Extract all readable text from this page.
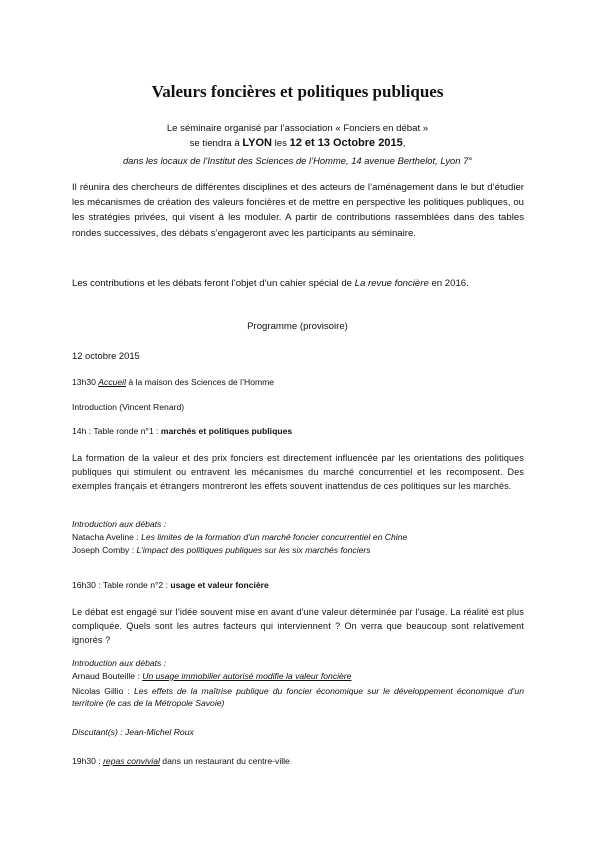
Valeurs foncières et politiques publiques

Le séminaire organisé par l’association « Fonciers en débat »

se tiendra à LYON les 12 et 13 Octobre 2015,

dans les locaux de l’Institut des Sciences de l’Homme, 14 avenue Berthelot, Lyon 7°

Il réunira des chercheurs de différentes disciplines et des acteurs de l’aménagement dans le but d’étudier les mécanismes de création des valeurs foncières et de mettre en perspective les politiques publiques, ou les stratégies privées, qui visent à les moduler. A partir de contributions rassemblées dans des tables rondes successives, des débats s’engageront avec les participants au séminaire.

Les contributions et les débats feront l’objet d’un cahier spécial de La revue foncière en 2016.

Programme (provisoire)

12 octobre 2015

13h30 Accueil à la maison des Sciences de l’Homme

Introduction (Vincent Renard)

14h : Table ronde n°1 : marchés et politiques publiques

La formation de la valeur et des prix fonciers est directement influencée par les orientations des politiques publiques qui stimulent ou entravent les mécanismes du marché concurrentiel et les recomposent. Des exemples français et étrangers montreront les effets souvent inattendus de ces politiques sur les marchés.

Introduction aux débats :

Natacha Aveline : Les limites de la formation d’un marché foncier concurrentiel en Chine

Joseph Comby : L’impact des politiques publiques sur les six marchés fonciers

16h30 : Table ronde n°2 : usage et valeur foncière

Le débat est engagé sur l’idée souvent mise en avant d’une valeur déterminée par l’usage. La réalité est plus compliquée. Quels sont les autres facteurs qui interviennent ? On verra que beaucoup sont relativement ignorés ?

Introduction aux débats :

Arnaud Bouteille : Un usage immobilier autorisé modifie la valeur foncière

Nicolas Gillio : Les effets de la maîtrise publique du foncier économique sur le développement économique d’un territoire (le cas de la Métropole Savoie)

Discutant(s) : Jean-Michel Roux

19h30 : repas convivial dans un restaurant du centre-ville
